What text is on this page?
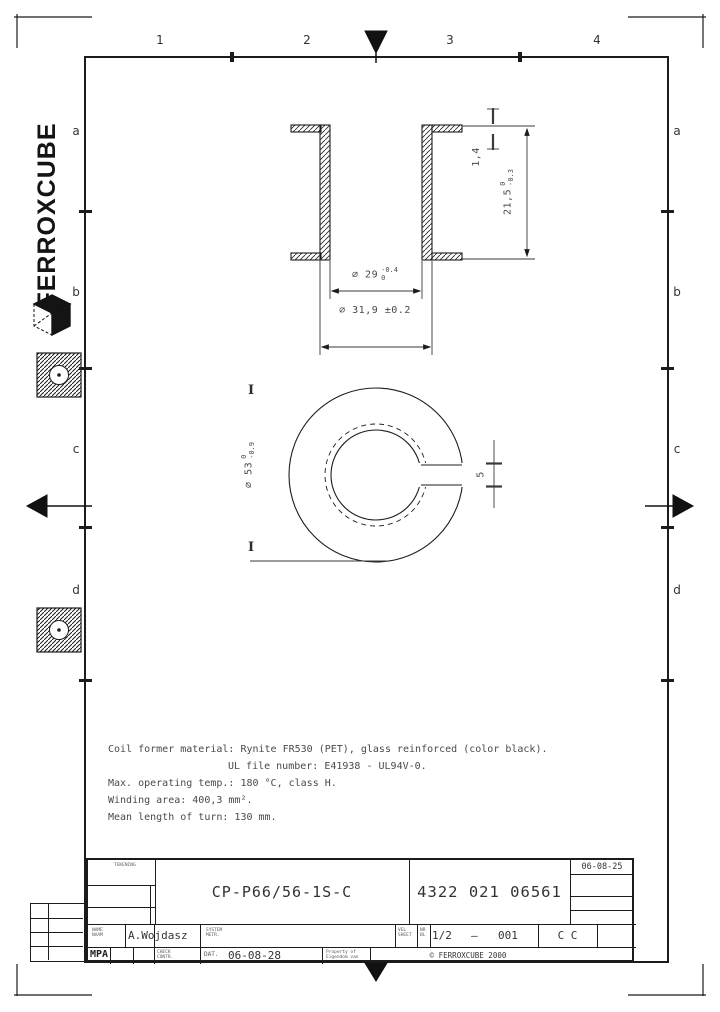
1	2	3	4
a
b
c
d
a
b
c
d
FERROXCUBE	⌀ 29 -0.4
0
⌀ 31,9 ±0.2
21,5
0 -0.3
1,4
⌀ 53
0 -0.9
5
I
I
Coil former material: Rynite FR530 (PET), glass reinforced (color black).
UL file number: E41938 - UL94V-0.
Max. operating temp.: 180 °C, class H.
Winding area: 400,3 mm².
Mean length of turn: 130 mm.
TEKENING	06-08-25
CP-P66/56-1S-C	4322 021 06561
NAME
NAAM A.Wojdasz	SYSTEM
METR.
VEL
SHEET
NR
BL 1/2 — 001	C C
MPA	CHECK
CONTR.	DAT. 06-08-28	Property of
Eigendom van	© FERROXCUBE 2000
